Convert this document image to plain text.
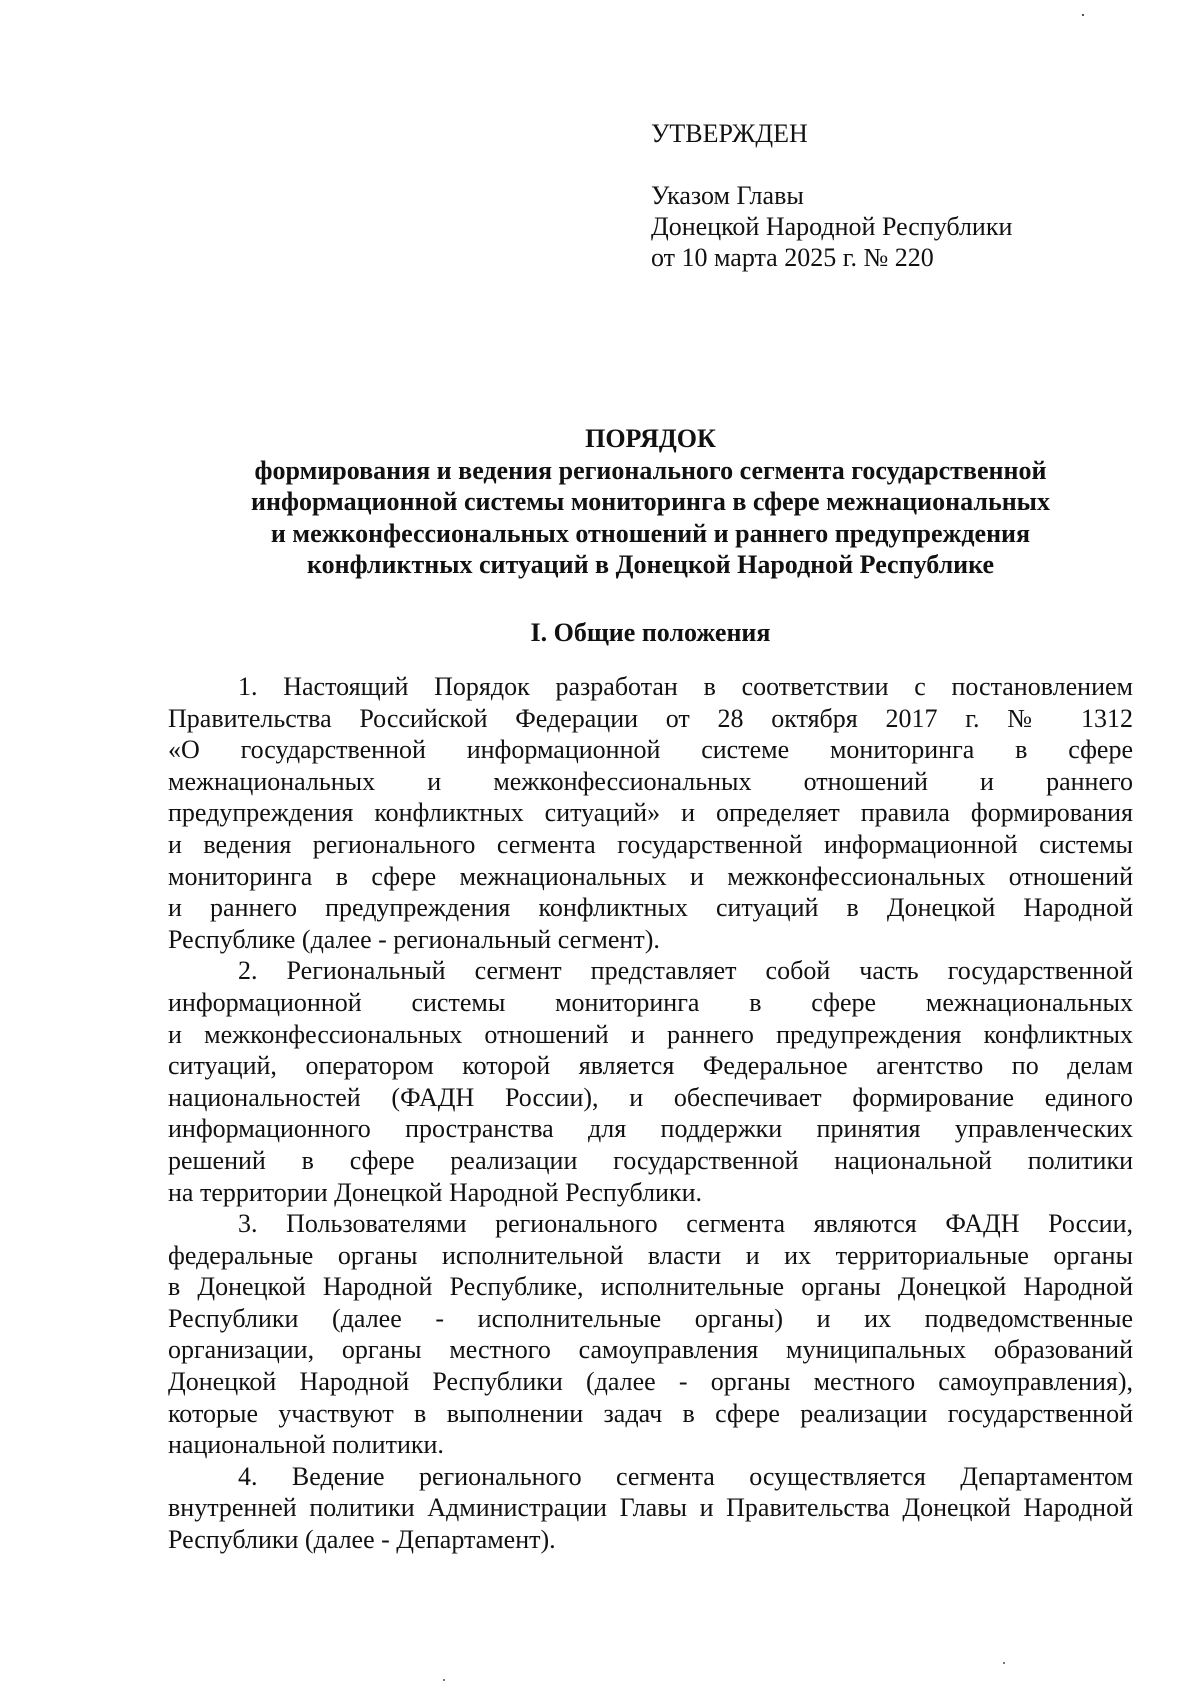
УТВЕРЖДЕН
Указом Главы
Донецкой Народной Республики
от 10 марта 2025 г. № 220
ПОРЯДОК
формирования и ведения регионального сегмента государственной
информационной системы мониторинга в сфере межнациональных
и межконфессиональных отношений и раннего предупреждения
конфликтных ситуаций в Донецкой Народной Республике
I. Общие положения
1. Настоящий Порядок разработан в соответствии с постановлением
Правительства Российской Федерации от 28 октября 2017 г. № 1312
«О государственной информационной системе мониторинга в сфере
межнациональных и межконфессиональных отношений и раннего
предупреждения конфликтных ситуаций» и определяет правила формирования
и ведения регионального сегмента государственной информационной системы
мониторинга в сфере межнациональных и межконфессиональных отношений
и раннего предупреждения конфликтных ситуаций в Донецкой Народной
Республике (далее - региональный сегмент).
2. Региональный сегмент представляет собой часть государственной
информационной системы мониторинга в сфере межнациональных
и межконфессиональных отношений и раннего предупреждения конфликтных
ситуаций, оператором которой является Федеральное агентство по делам
национальностей (ФАДН России), и обеспечивает формирование единого
информационного пространства для поддержки принятия управленческих
решений в сфере реализации государственной национальной политики
на территории Донецкой Народной Республики.
3. Пользователями регионального сегмента являются ФАДН России,
федеральные органы исполнительной власти и их территориальные органы
в Донецкой Народной Республике, исполнительные органы Донецкой Народной
Республики (далее - исполнительные органы) и их подведомственные
организации, органы местного самоуправления муниципальных образований
Донецкой Народной Республики (далее - органы местного самоуправления),
которые участвуют в выполнении задач в сфере реализации государственной
национальной политики.
4. Ведение регионального сегмента осуществляется Департаментом
внутренней политики Администрации Главы и Правительства Донецкой Народной
Республики (далее - Департамент).
